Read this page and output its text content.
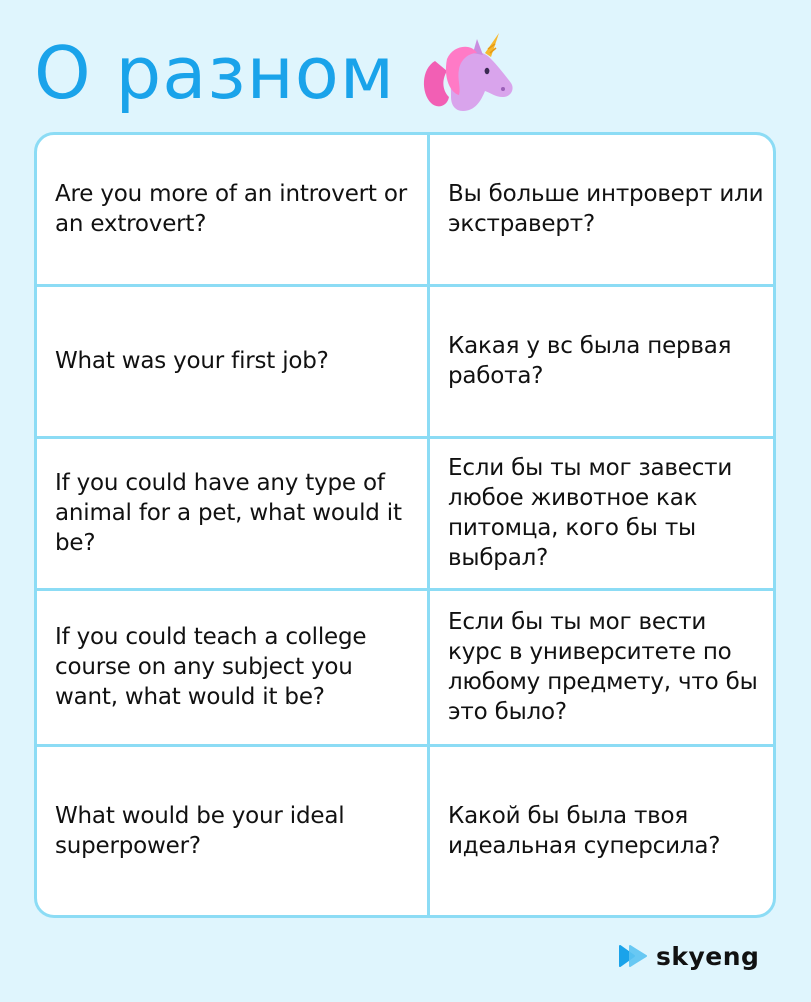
О разном
Are you more of an introvert or an extrovert?	Вы больше интроверт или экстраверт?
What was your first job?	Какая у вс была первая работа?
If you could have any type of animal for a pet, what would it be?	Если бы ты мог завести любое животное как питомца, кого бы ты выбрал?
If you could teach a college course on any subject you want, what would it be?	Если бы ты мог вести курс в университете по любому предмету, что бы это было?
What would be your ideal superpower?	Какой бы была твоя идеальная суперсила?
skyeng
